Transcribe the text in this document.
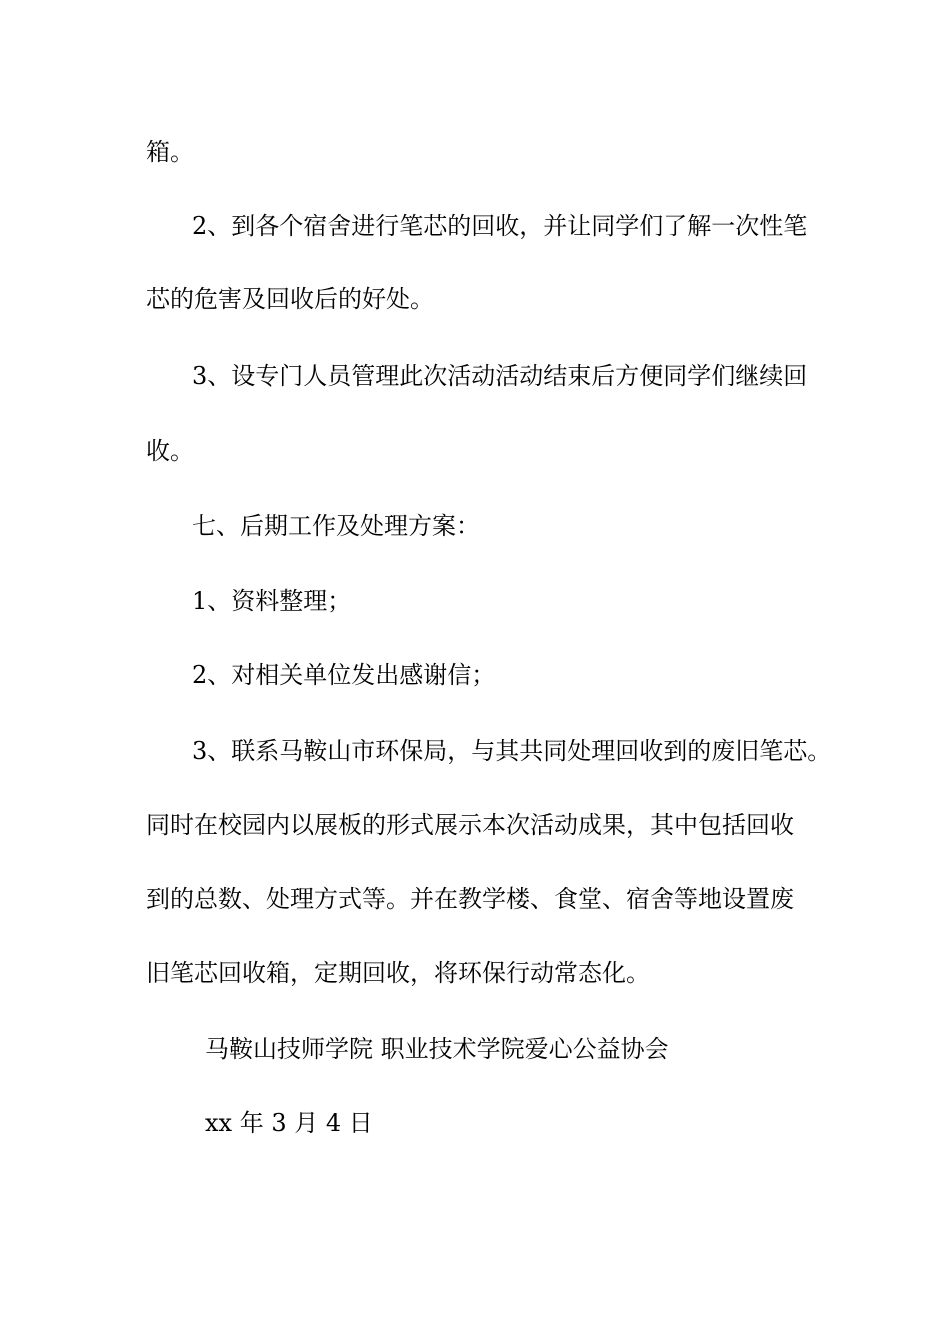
箱。
2、到各个宿舍进行笔芯的回收，并让同学们了解一次性笔
芯的危害及回收后的好处。
3、设专门人员管理此次活动活动结束后方便同学们继续回
收。
七、后期工作及处理方案：
1、资料整理；
2、对相关单位发出感谢信；
3、联系马鞍山市环保局，与其共同处理回收到的废旧笔芯。
同时在校园内以展板的形式展示本次活动成果，其中包括回收
到的总数、处理方式等。并在教学楼、食堂、宿舍等地设置废
旧笔芯回收箱，定期回收，将环保行动常态化。
马鞍山技师学院 职业技术学院爱心公益协会
xx 年 3 月 4 日
